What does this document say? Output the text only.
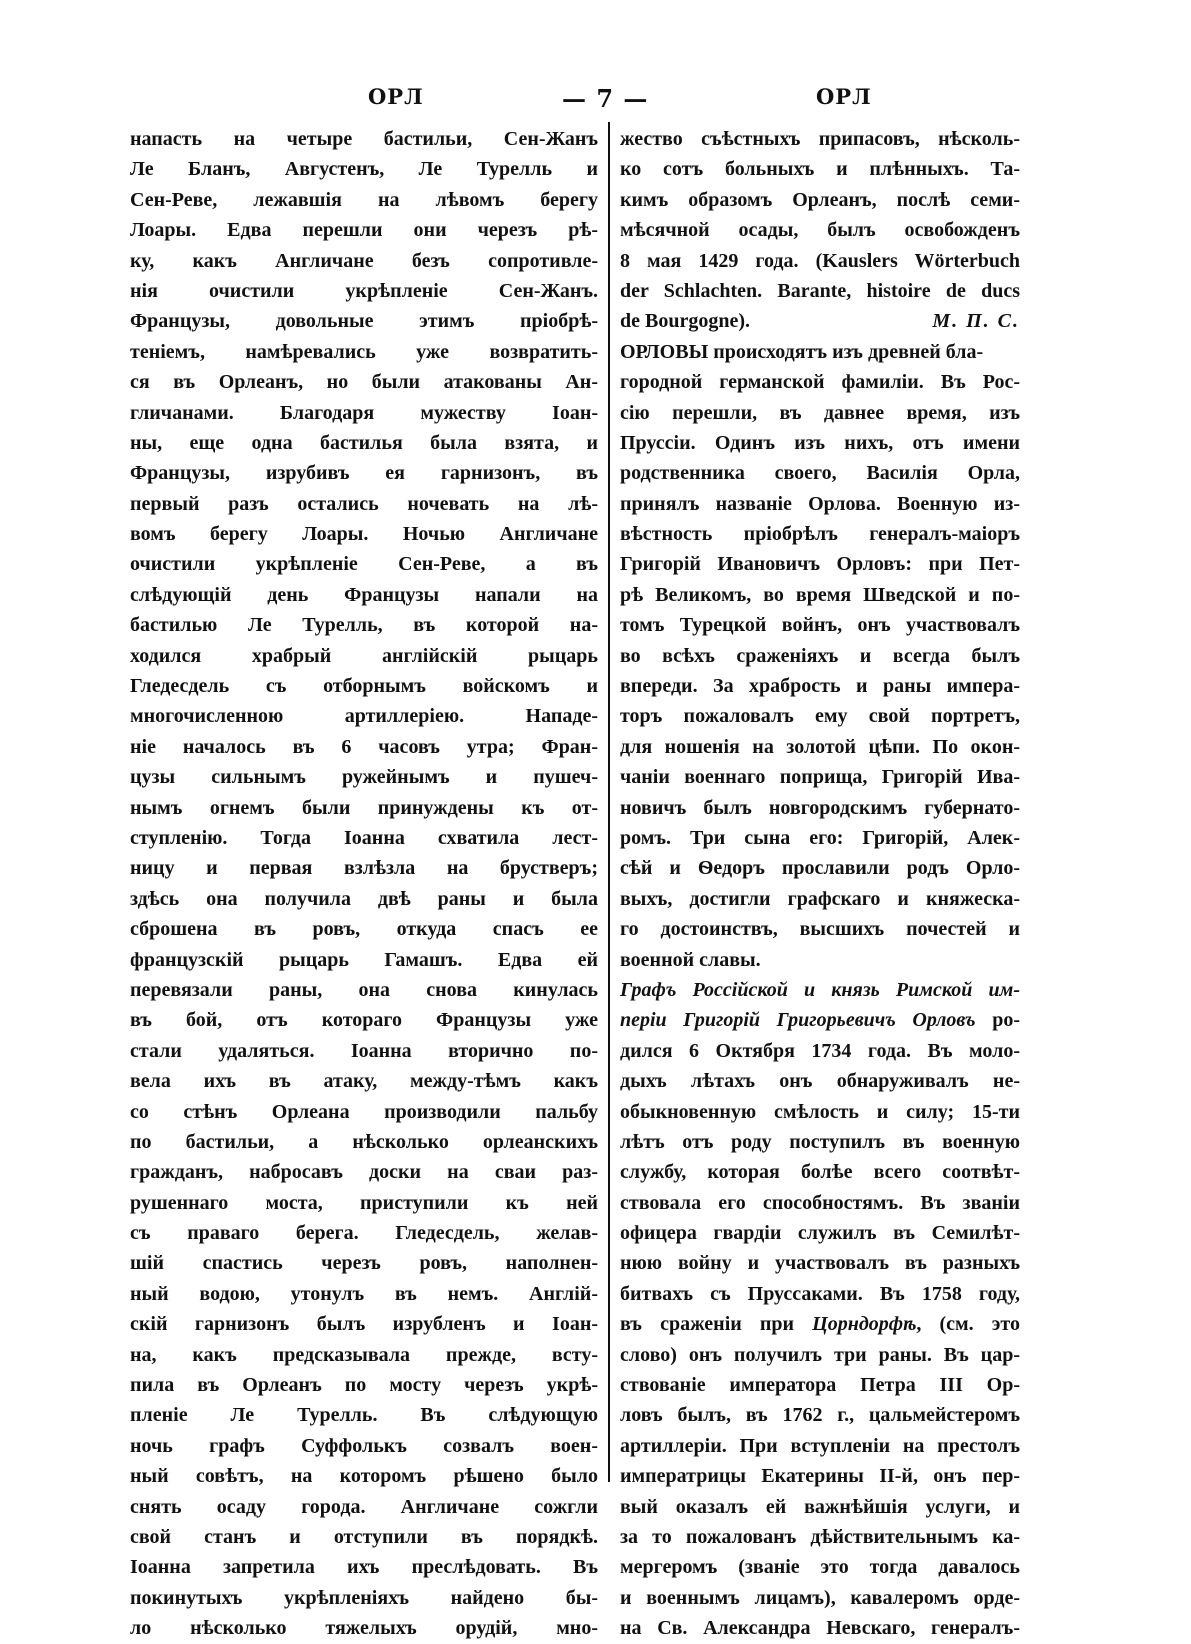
ОРЛ	— 7 —	ОРЛ
напасть на четыре бастильи, Сен-Жанъ
Ле Бланъ, Августенъ, Ле Турелль и
Сен-Реве, лежавшія на лѣвомъ берегу
Лоары. Едва перешли они черезъ рѣ-
ку, какъ Англичане безъ сопротивле-
нія очистили укрѣпленіе Сен-Жанъ.
Французы, довольные этимъ пріобрѣ-
теніемъ, намѣревались уже возвратить-
ся въ Орлеанъ, но были атакованы Ан-
гличанами. Благодаря мужеству Іоан-
ны, еще одна бастилья была взята, и
Французы, изрубивъ ея гарнизонъ, въ
первый разъ остались ночевать на лѣ-
вомъ берегу Лоары. Ночью Англичане
очистили укрѣпленіе Сен-Реве, а въ
слѣдующій день Французы напали на
бастилью Ле Турелль, въ которой на-
ходился храбрый англійскій рыцарь
Гледесдель съ отборнымъ войскомъ и
многочисленною артиллеріею. Нападе-
ніе началось въ 6 часовъ утра; Фран-
цузы сильнымъ ружейнымъ и пушеч-
нымъ огнемъ были принуждены къ от-
ступленію. Тогда Іоанна схватила лест-
ницу и первая взлѣзла на брустверъ;
здѣсь она получила двѣ раны и была
сброшена въ ровъ, откуда спасъ ее
французскій рыцарь Гамашъ. Едва ей
перевязали раны, она снова кинулась
въ бой, отъ котораго Французы уже
стали удаляться. Іоанна вторично по-
вела ихъ въ атаку, между-тѣмъ какъ
со стѣнъ Орлеана производили пальбу
по бастильи, а нѣсколько орлеанскихъ
гражданъ, набросавъ доски на сваи раз-
рушеннаго моста, приступили къ ней
съ праваго берега. Гледесдель, желав-
шій спастись черезъ ровъ, наполнен-
ный водою, утонулъ въ немъ. Англій-
скій гарнизонъ былъ изрубленъ и Іоан-
на, какъ предсказывала прежде, всту-
пила въ Орлеанъ по мосту черезъ укрѣ-
пленіе Ле Турелль. Въ слѣдующую
ночь графъ Суффолькъ созвалъ воен-
ный совѣтъ, на которомъ рѣшено было
снять осаду города. Англичане сожгли
свой станъ и отступили въ порядкѣ.
Іоанна запретила ихъ преслѣдовать. Въ
покинутыхъ укрѣпленіяхъ найдено бы-
ло нѣсколько тяжелыхъ орудій, мно-
жество съѣстныхъ припасовъ, нѣсколь-
ко сотъ больныхъ и плѣнныхъ. Та-
кимъ образомъ Орлеанъ, послѣ семи-
мѣсячной осады, былъ освобожденъ
8 мая 1429 года. (Kauslers Wörterbuch
der Schlachten. Barante, histoire de ducs
de Bourgogne).	М. П. С.
ОРЛОВЫ происходятъ изъ древней бла-
городной германской фамиліи. Въ Рос-
сію перешли, въ давнее время, изъ
Пруссіи. Одинъ изъ нихъ, отъ имени
родственника своего, Василія Орла,
принялъ названіе Орлова. Военную из-
вѣстность пріобрѣлъ генералъ-маіоръ
Григорій Ивановичъ Орловъ: при Пет-
рѣ Великомъ, во время Шведской и по-
томъ Турецкой войнъ, онъ участвовалъ
во всѣхъ сраженіяхъ и всегда былъ
впереди. За храбрость и раны импера-
торъ пожаловалъ ему свой портретъ,
для ношенія на золотой цѣпи. По окон-
чаніи военнаго поприща, Григорій Ива-
новичъ былъ новгородскимъ губернато-
ромъ. Три сына его: Григорій, Алек-
сѣй и Ѳедоръ прославили родъ Орло-
выхъ, достигли графскаго и княжеска-
го достоинствъ, высшихъ почестей и
военной славы.
Графъ Россійской и князь Римской им-
періи Григорій Григорьевичъ Орловъ ро-
дился 6 Октября 1734 года. Въ моло-
дыхъ лѣтахъ онъ обнаруживалъ не-
обыкновенную смѣлость и силу; 15-ти
лѣтъ отъ роду поступилъ въ военную
службу, которая болѣе всего соотвѣт-
ствовала его способностямъ. Въ званіи
офицера гвардіи служилъ въ Семилѣт-
нюю войну и участвовалъ въ разныхъ
битвахъ съ Пруссаками. Въ 1758 году,
въ сраженіи при Цорндорфѣ, (см. это
слово) онъ получилъ три раны. Въ цар-
ствованіе императора Петра III Ор-
ловъ былъ, въ 1762 г., цальмейстеромъ
артиллеріи. При вступленіи на престолъ
императрицы Екатерины II-й, онъ пер-
вый оказалъ ей важнѣйшія услуги, и
за то пожалованъ дѣйствительнымъ ка-
мергеромъ (званіе это тогда давалось
и военнымъ лицамъ), кавалеромъ орде-
на Св. Александра Невскаго, генералъ-
